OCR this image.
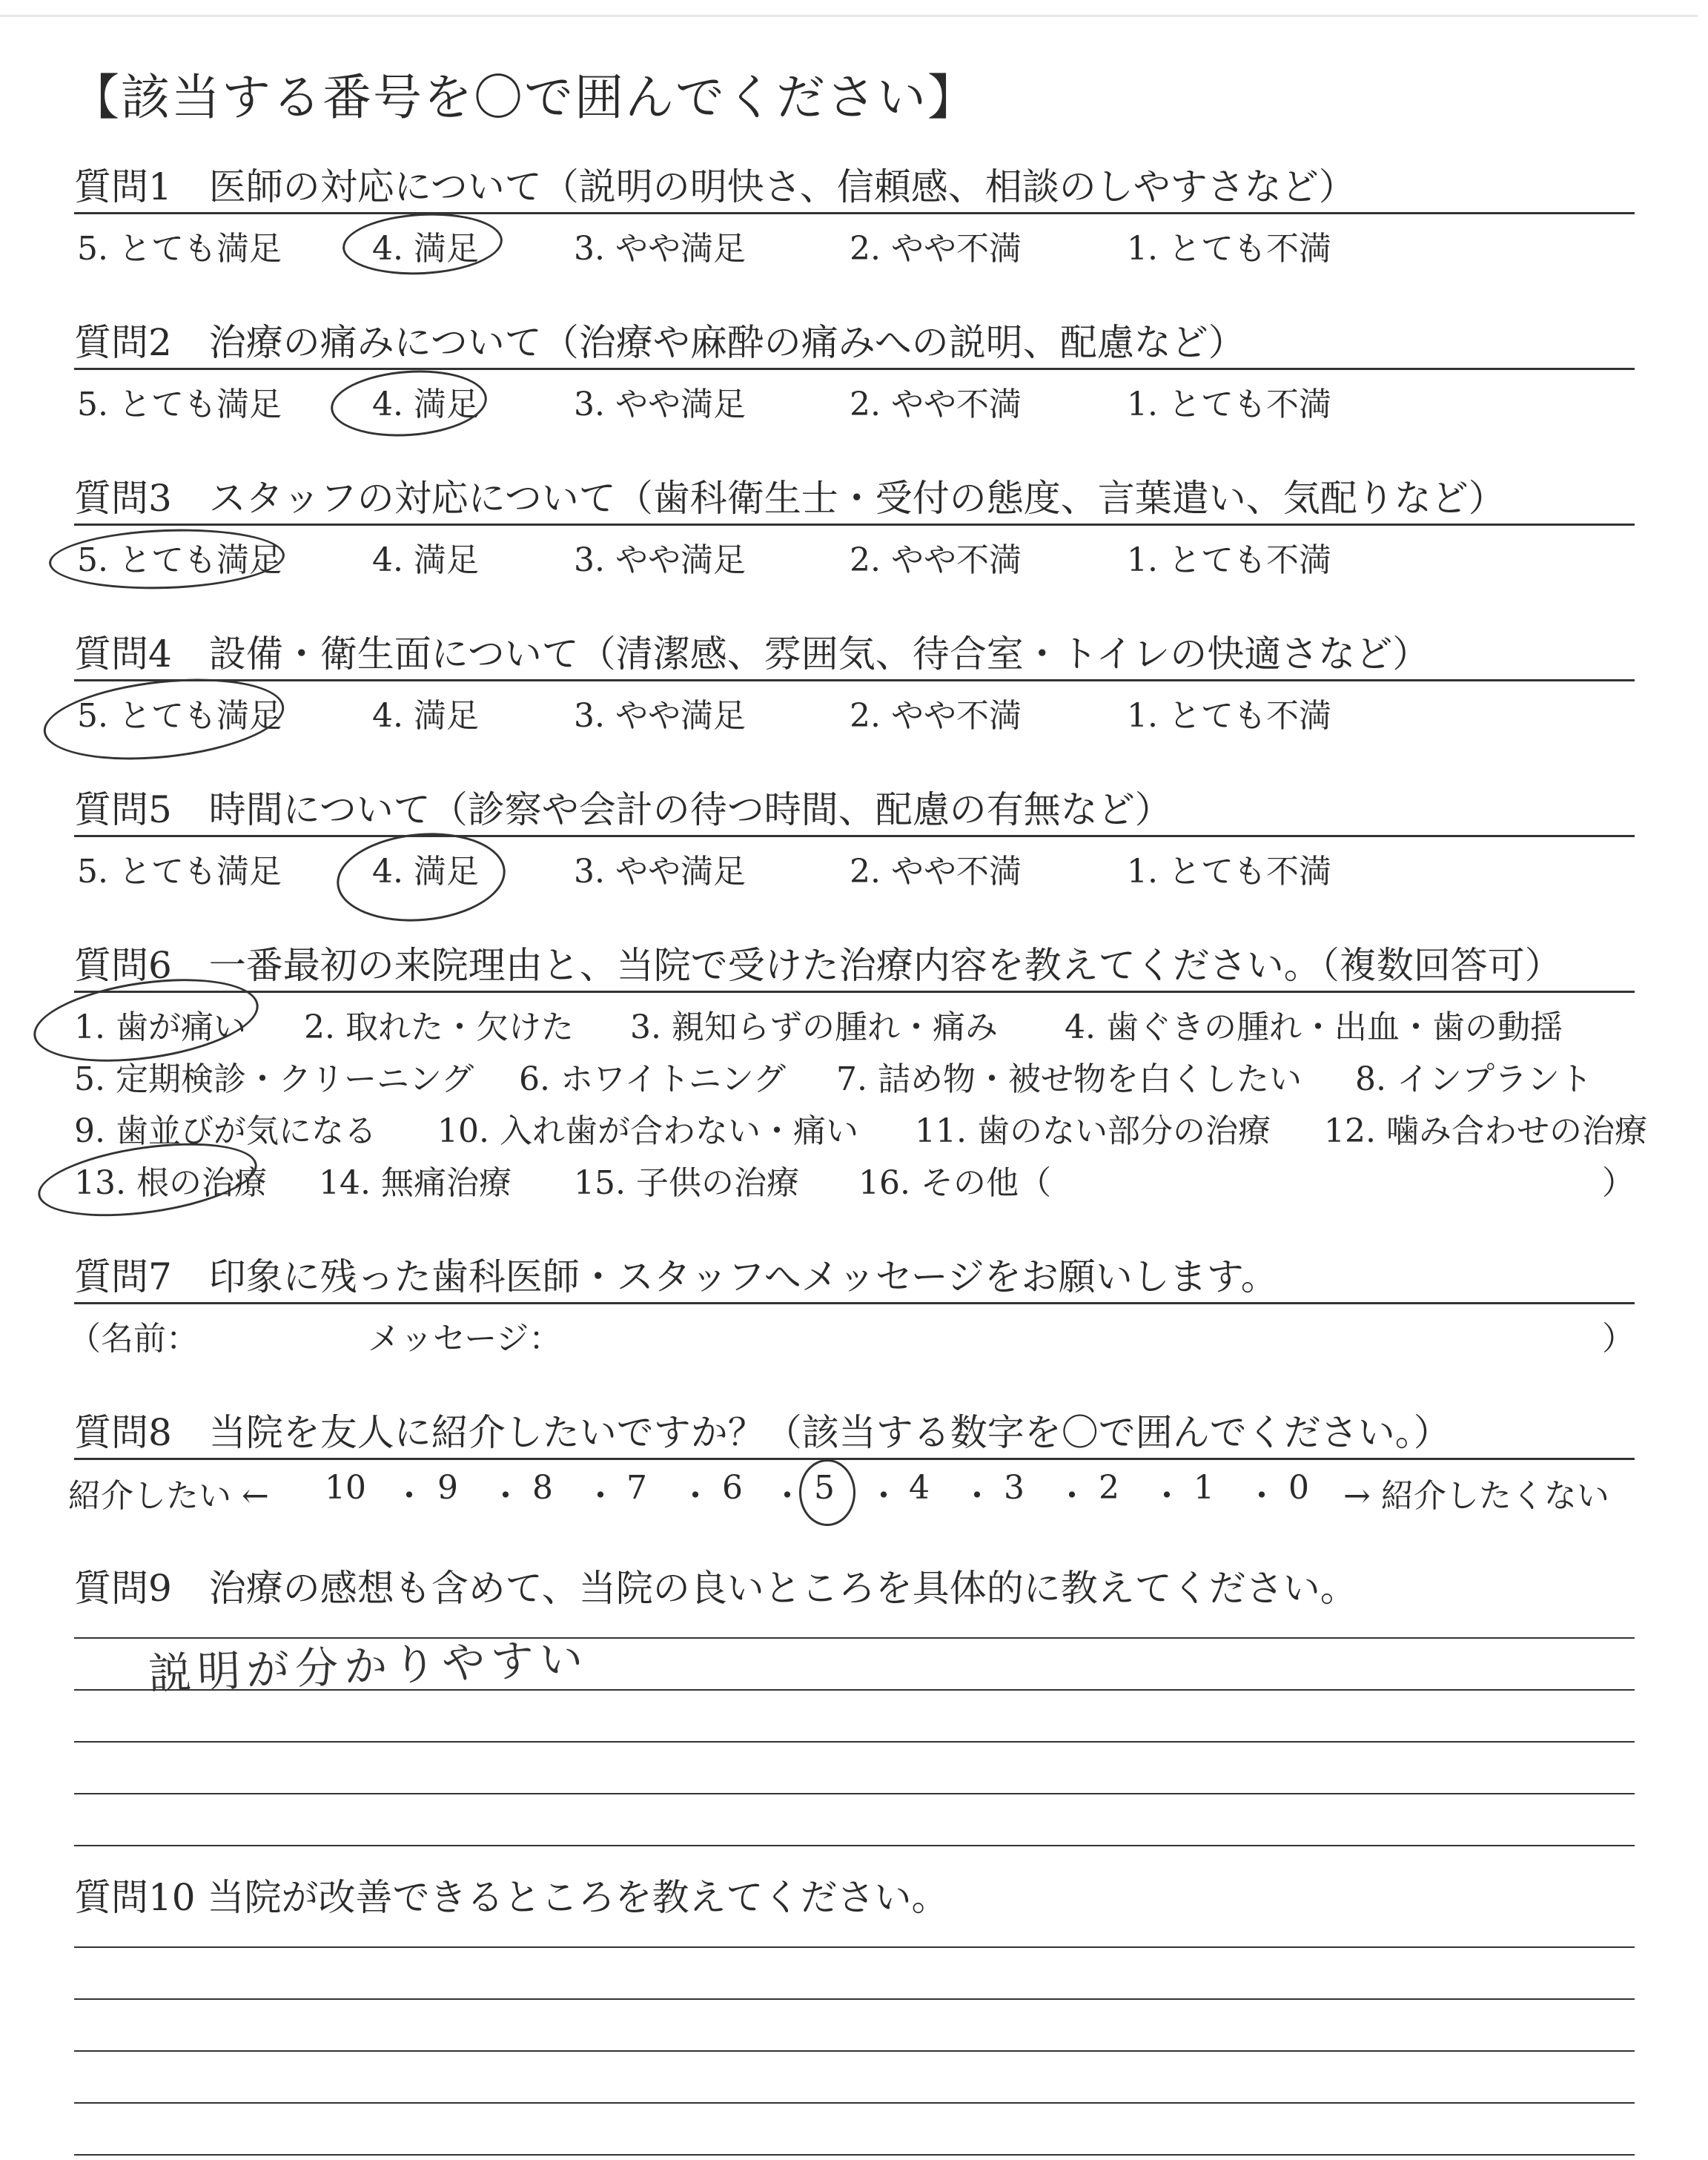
【該当する番号を〇で囲んでください】
質問1　医師の対応について（説明の明快さ、信頼感、相談のしやすさなど）
5. とても満足	4. 満足	3. やや満足	2. やや不満	1. とても不満
質問2　治療の痛みについて（治療や麻酔の痛みへの説明、配慮など）
5. とても満足	4. 満足	3. やや満足	2. やや不満	1. とても不満
質問3　スタッフの対応について（歯科衛生士・受付の態度、言葉遣い、気配りなど）
5. とても満足	4. 満足	3. やや満足	2. やや不満	1. とても不満
質問4　設備・衛生面について（清潔感、雰囲気、待合室・トイレの快適さなど）
5. とても満足	4. 満足	3. やや満足	2. やや不満	1. とても不満
質問5　時間について（診察や会計の待つ時間、配慮の有無など）
5. とても満足	4. 満足	3. やや満足	2. やや不満	1. とても不満
質問6　一番最初の来院理由と、当院で受けた治療内容を教えてください。（複数回答可）
1. 歯が痛い 2. 取れた・欠けた 3. 親知らずの腫れ・痛み 4. 歯ぐきの腫れ・出血・歯の動揺
5. 定期検診・クリーニング 6. ホワイトニング 7. 詰め物・被せ物を白くしたい 8. インプラント
9. 歯並びが気になる 10. 入れ歯が合わない・痛い 11. 歯のない部分の治療 12. 噛み合わせの治療
13. 根の治療 14. 無痛治療 15. 子供の治療 16. その他（	）
質問7　印象に残った歯科医師・スタッフへメッセージをお願いします。
（名前：	メッセージ：	）
質問8　当院を友人に紹介したいですか？（該当する数字を〇で囲んでください。）
紹介したい ← 10 ・ 9 ・ 8 ・ 7 ・ 6 ・ 5 ・ 4 ・ 3 ・ 2 ・ 1 ・ 0 → 紹介したくない
質問9　治療の感想も含めて、当院の良いところを具体的に教えてください。
説明が分かりやすい
質問10 当院が改善できるところを教えてください。
